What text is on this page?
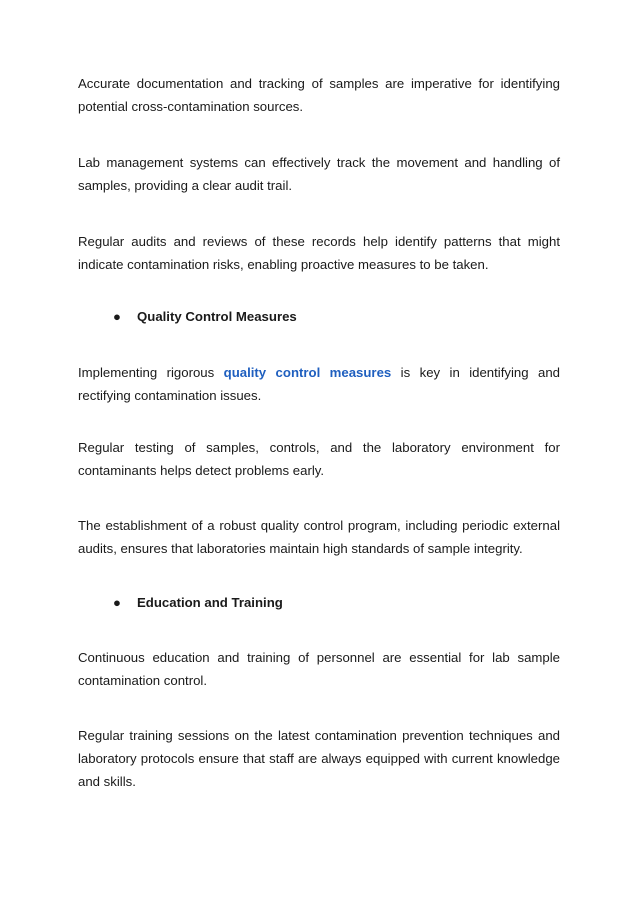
Accurate documentation and tracking of samples are imperative for identifying potential cross-contamination sources.

Lab management systems can effectively track the movement and handling of samples, providing a clear audit trail.

Regular audits and reviews of these records help identify patterns that might indicate contamination risks, enabling proactive measures to be taken.

● Quality Control Measures

Implementing rigorous quality control measures is key in identifying and rectifying contamination issues.

Regular testing of samples, controls, and the laboratory environment for contaminants helps detect problems early.

The establishment of a robust quality control program, including periodic external audits, ensures that laboratories maintain high standards of sample integrity.

● Education and Training

Continuous education and training of personnel are essential for lab sample contamination control.

Regular training sessions on the latest contamination prevention techniques and laboratory protocols ensure that staff are always equipped with current knowledge and skills.
